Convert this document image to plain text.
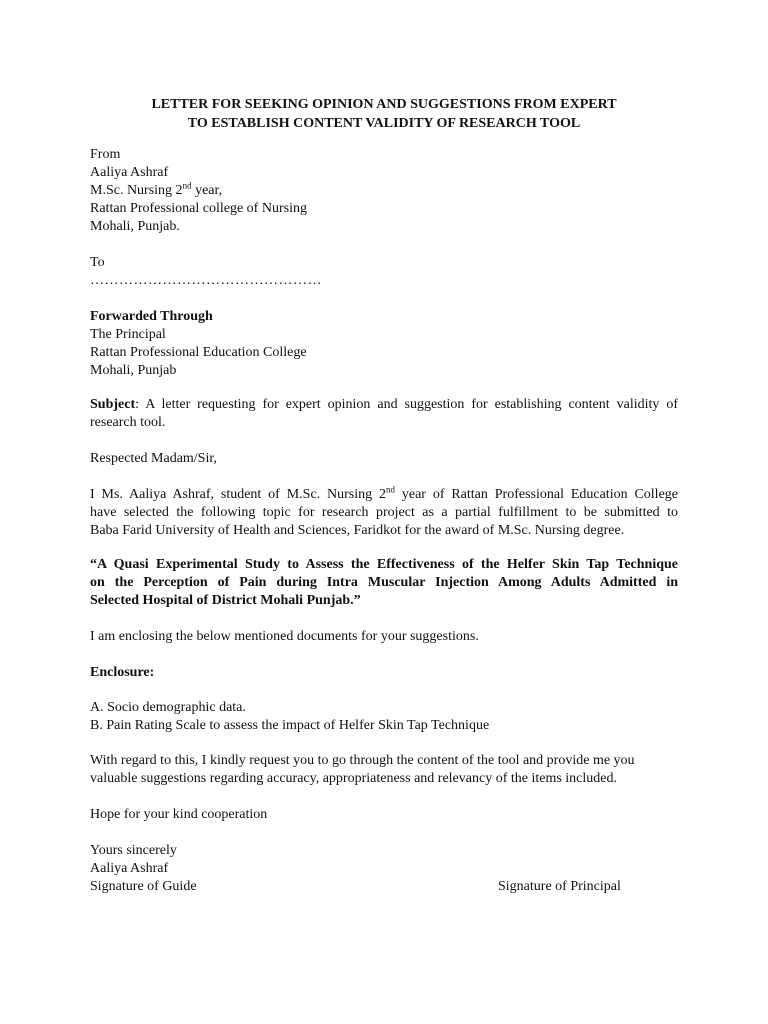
LETTER FOR SEEKING OPINION AND SUGGESTIONS FROM EXPERT
TO ESTABLISH CONTENT VALIDITY OF RESEARCH TOOL
From
Aaliya Ashraf
M.Sc. Nursing 2nd year,
Rattan Professional college of Nursing
Mohali, Punjab.
To
…………………………………………
Forwarded Through
The Principal
Rattan Professional Education College
Mohali, Punjab
Subject: A letter requesting for expert opinion and suggestion for establishing content validity of
research tool.
Respected Madam/Sir,
I Ms. Aaliya Ashraf, student of M.Sc. Nursing 2nd year of Rattan Professional Education College
have selected the following topic for research project as a partial fulfillment to be submitted to
Baba Farid University of Health and Sciences, Faridkot for the award of M.Sc. Nursing degree.
“A Quasi Experimental Study to Assess the Effectiveness of the Helfer Skin Tap Technique
on the Perception of Pain during Intra Muscular Injection Among Adults Admitted in
Selected Hospital of District Mohali Punjab.”
I am enclosing the below mentioned documents for your suggestions.
Enclosure:
A. Socio demographic data.
B. Pain Rating Scale to assess the impact of Helfer Skin Tap Technique
With regard to this, I kindly request you to go through the content of the tool and provide me you
valuable suggestions regarding accuracy, appropriateness and relevancy of the items included.
Hope for your kind cooperation
Yours sincerely
Aaliya Ashraf
Signature of Guide	Signature of Principal
